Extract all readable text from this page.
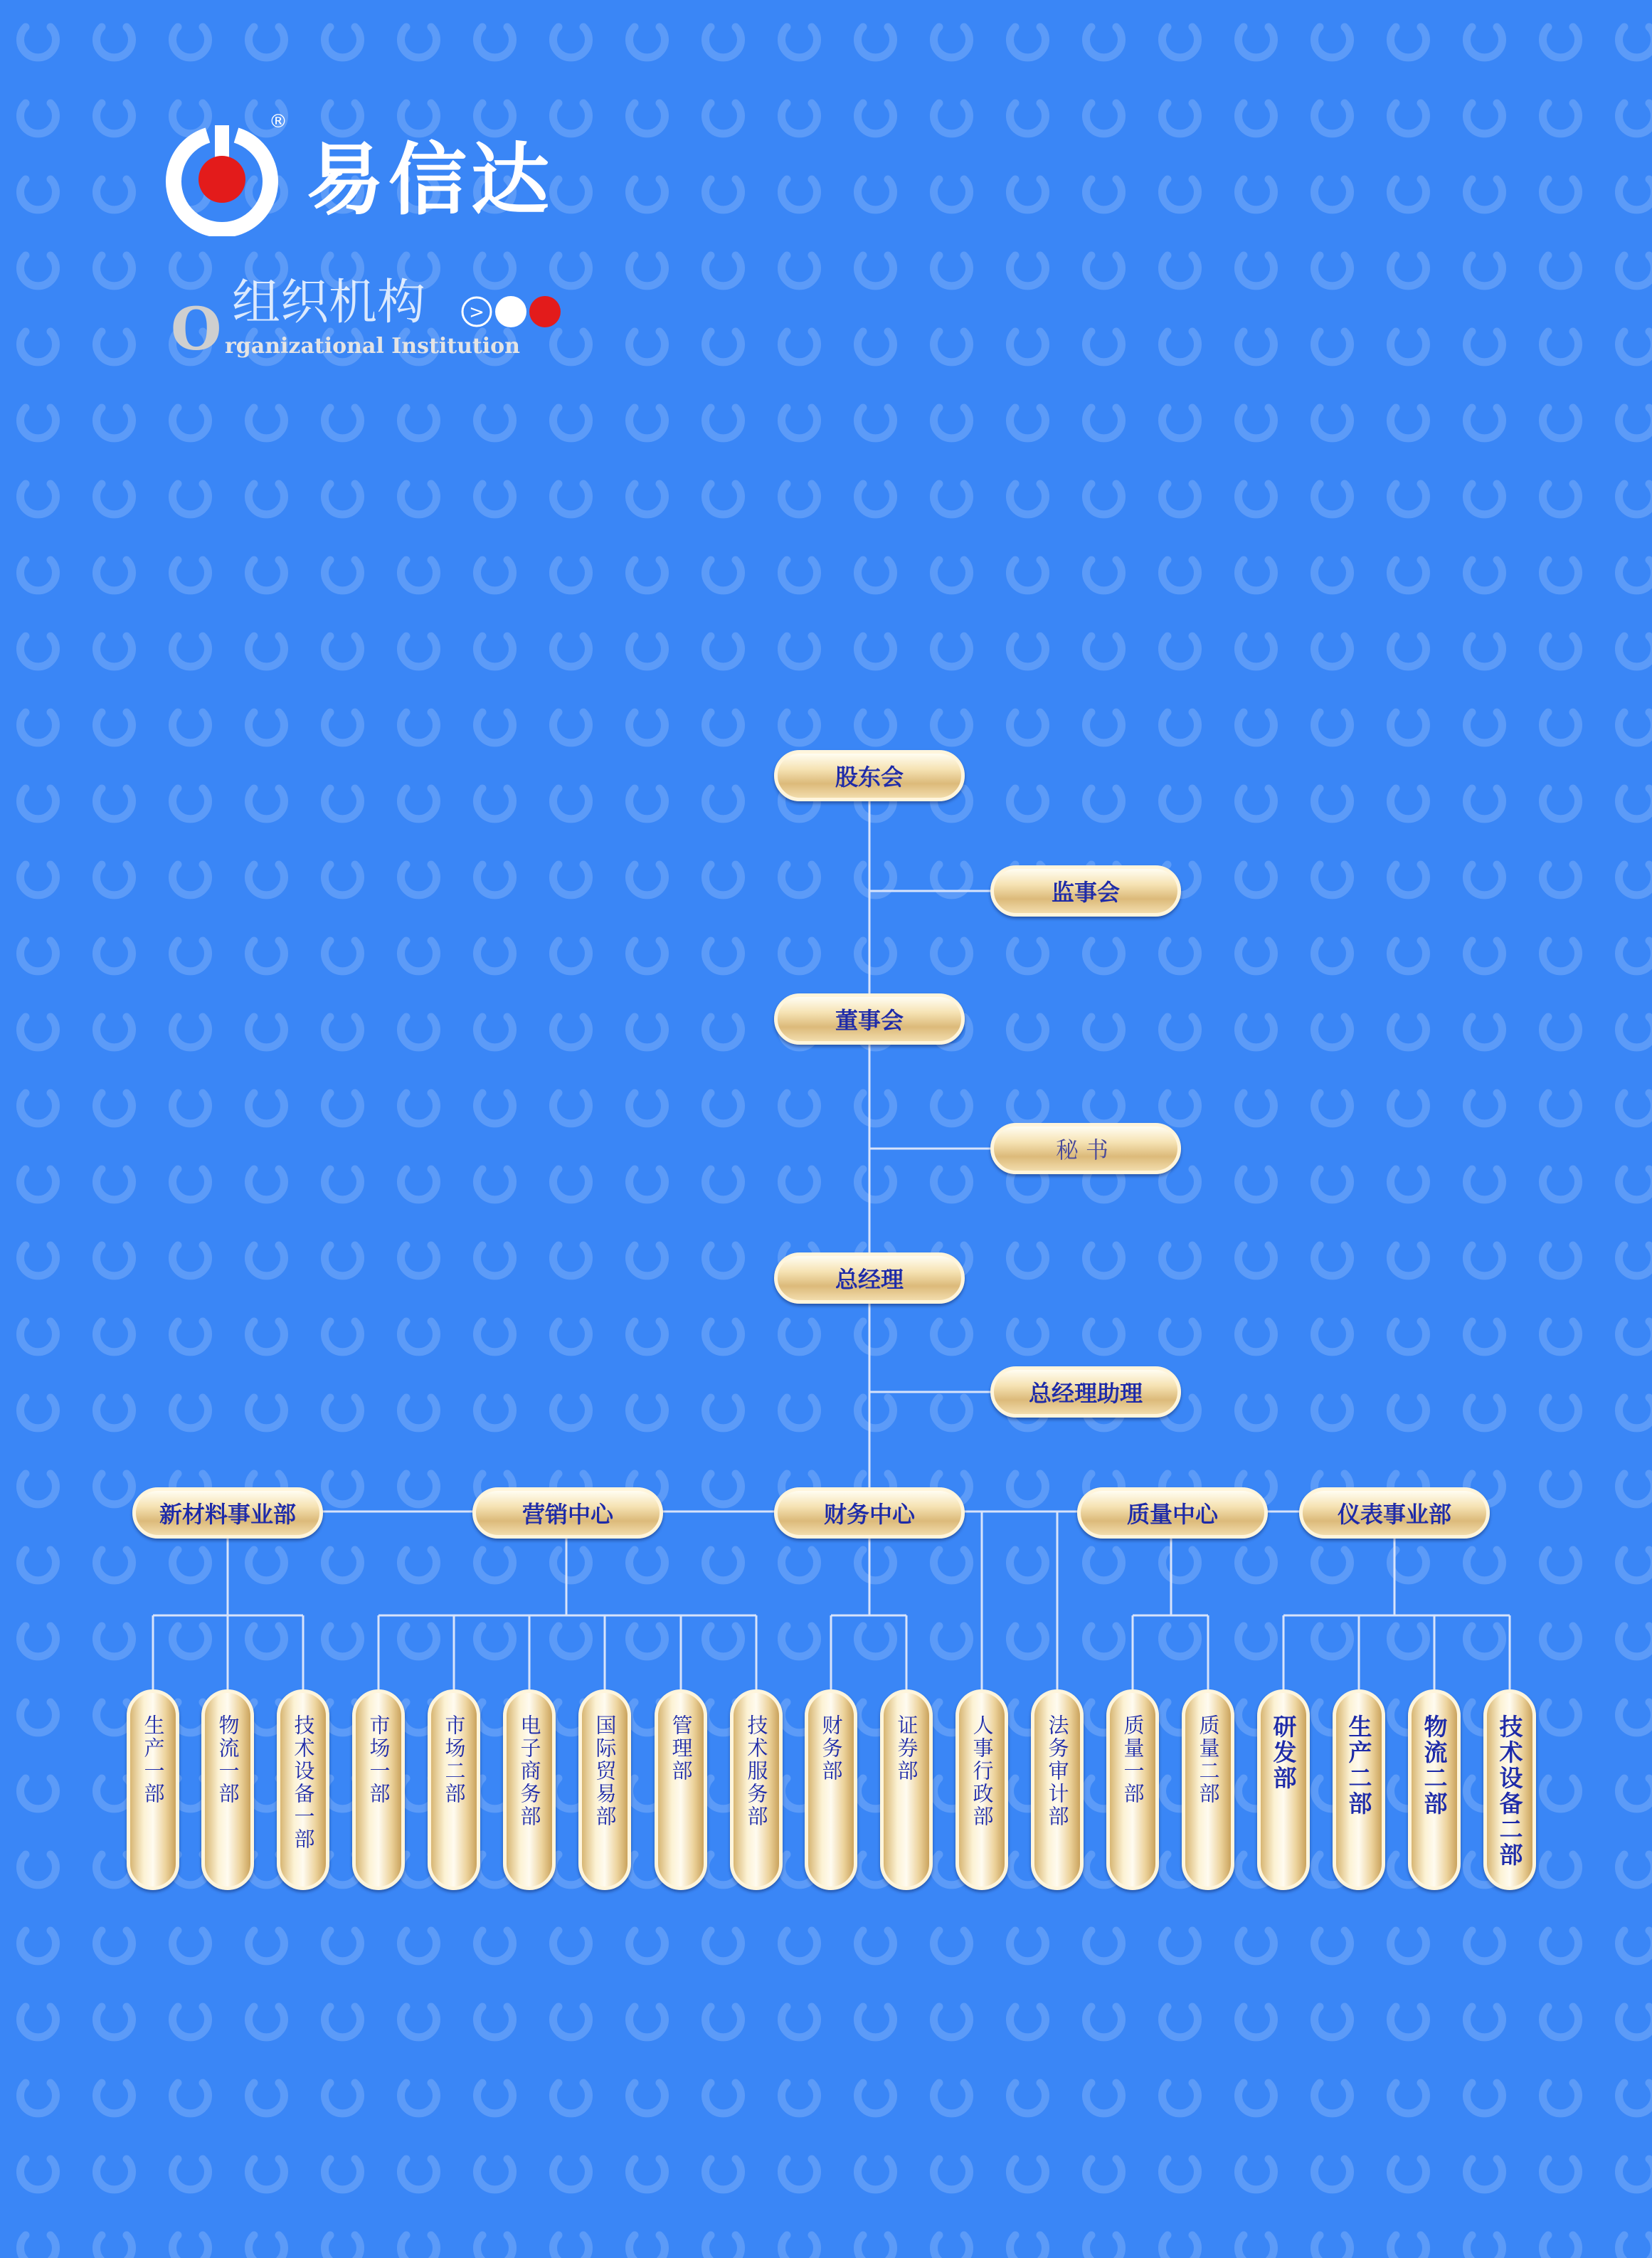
®
易信达
组织机构
O rganizational Institution
>
股东会
监事会
董事会
秘书
总经理
总经理助理
新材料事业部	营销中心	财务中心	质量中心	仪表事业部
生产一部 物流一部 技术设备一部 市场一部 市场二部 电子商务部 国际贸易部	管理部 技术服务部 财务部 证券部 人事行政部 法务审计部 质量一部 质量二部 研发部 生产二部 物流二部 技术设备二部
